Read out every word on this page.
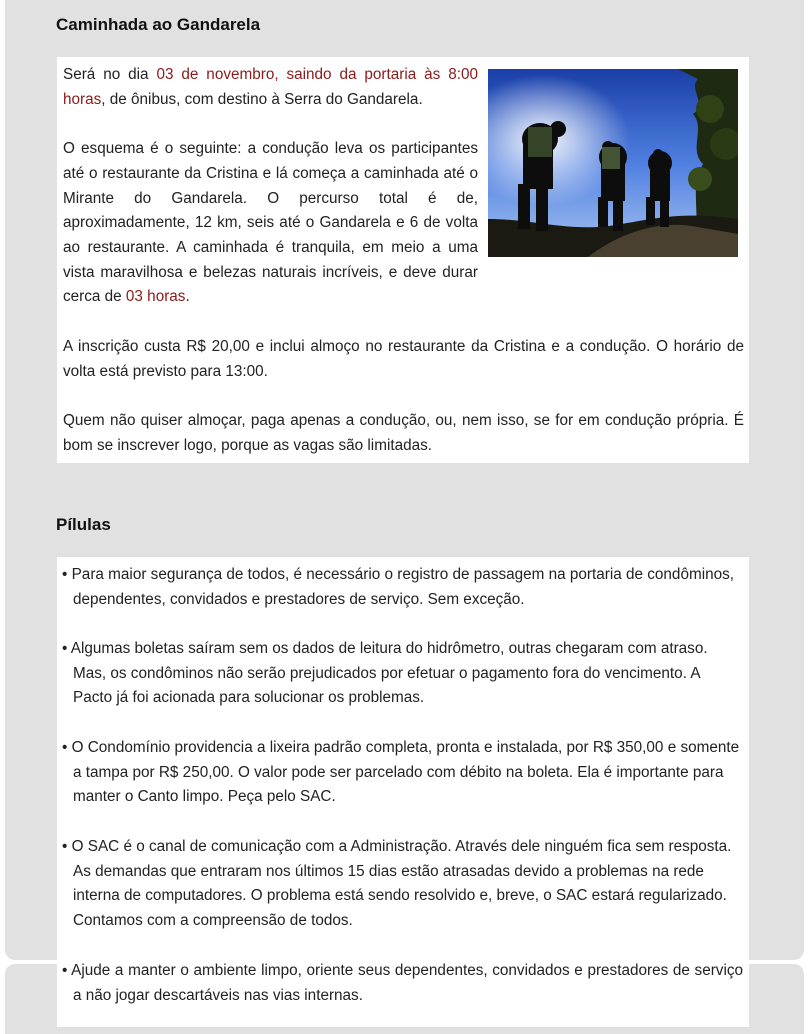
Caminhada ao Gandarela

Será no dia 03 de novembro, saindo da portaria às 8:00 horas, de ônibus, com destino à Serra do Gandarela.

O esquema é o seguinte: a condução leva os participantes até o restaurante da Cristina e lá começa a caminhada até o Mirante do Gandarela. O percurso total é de, aproximadamente, 12 km, seis até o Gandarela e 6 de volta ao restaurante. A caminhada é tranquila, em meio a uma vista maravilhosa e belezas naturais incríveis, e deve durar cerca de 03 horas.

A inscrição custa R$ 20,00 e inclui almoço no restaurante da Cristina e a condução. O horário de volta está previsto para 13:00.

Quem não quiser almoçar, paga apenas a condução, ou, nem isso, se for em condução própria. É bom se inscrever logo, porque as vagas são limitadas.

Pílulas

• Para maior segurança de todos, é necessário o registro de passagem na portaria de condôminos, dependentes, convidados e prestadores de serviço. Sem exceção.

• Algumas boletas saíram sem os dados de leitura do hidrômetro, outras chegaram com atraso. Mas, os condôminos não serão prejudicados por efetuar o pagamento fora do vencimento. A Pacto já foi acionada para solucionar os problemas.

• O Condomínio providencia a lixeira padrão completa, pronta e instalada, por R$ 350,00 e somente a tampa por R$ 250,00. O valor pode ser parcelado com débito na boleta. Ela é importante para manter o Canto limpo. Peça pelo SAC.

• O SAC é o canal de comunicação com a Administração. Através dele ninguém fica sem resposta. As demandas que entraram nos últimos 15 dias estão atrasadas devido a problemas na rede interna de computadores. O problema está sendo resolvido e, breve, o SAC estará regularizado. Contamos com a compreensão de todos.

• Ajude a manter o ambiente limpo, oriente seus dependentes, convidados e prestadores de serviço a não jogar descartáveis nas vias internas.
